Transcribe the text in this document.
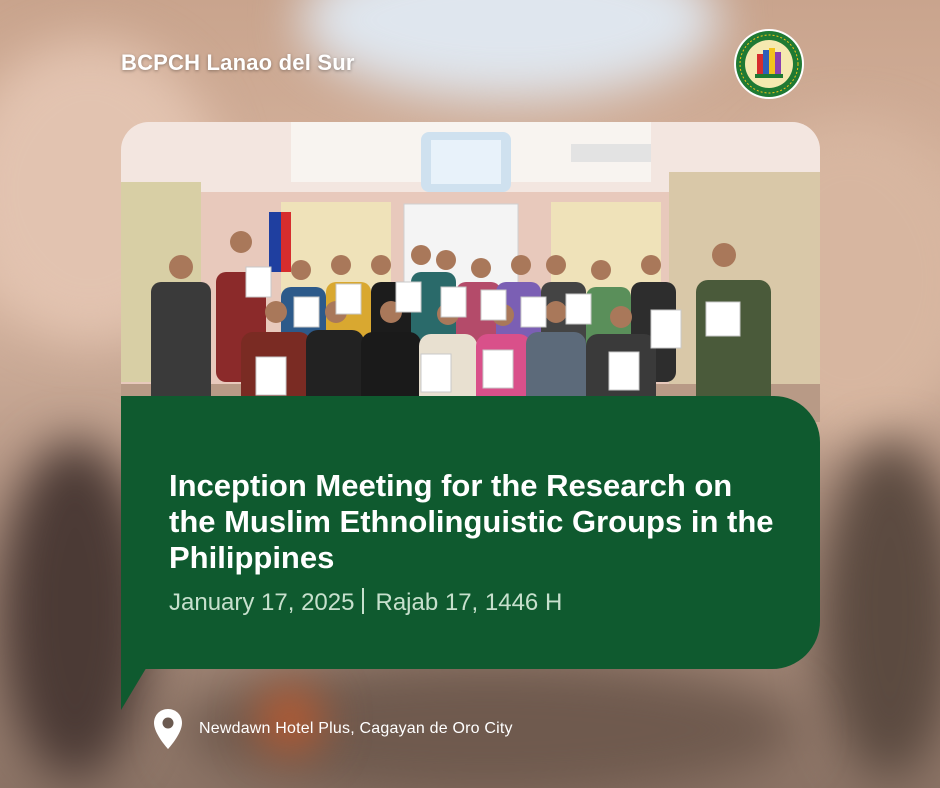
BCPCH Lanao del Sur
Inception Meeting for the Research on the Muslim Ethnolinguistic Groups in the Philippines
January 17, 2025 Rajab 17, 1446 H
Newdawn Hotel Plus, Cagayan de Oro City
